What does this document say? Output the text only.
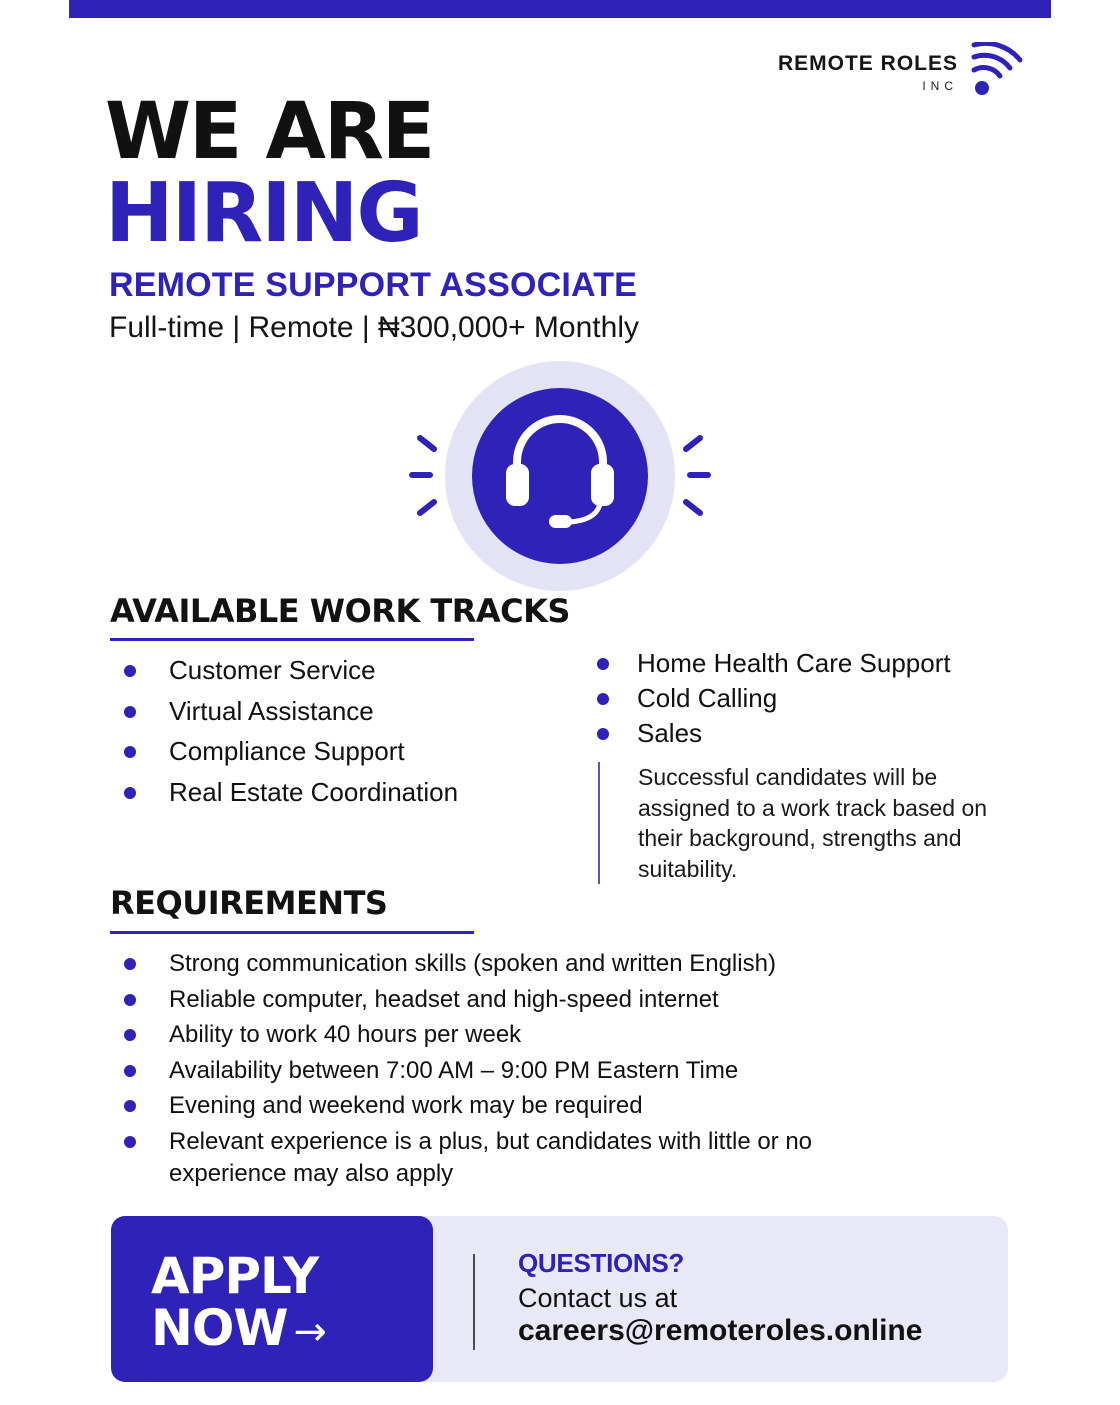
REMOTE ROLES
INC
WE ARE
HIRING
REMOTE SUPPORT ASSOCIATE
Full-time | Remote | ₦300,000+ Monthly
AVAILABLE WORK TRACKS
Customer Service
Virtual Assistance
Compliance Support
Real Estate Coordination
Home Health Care Support
Cold Calling
Sales
Successful candidates will be assigned to a work track based on their background, strengths and suitability.
REQUIREMENTS
Strong communication skills (spoken and written English)
Reliable computer, headset and high-speed internet
Ability to work 40 hours per week
Availability between 7:00 AM – 9:00 PM Eastern Time
Evening and weekend work may be required
Relevant experience is a plus, but candidates with little or no experience may also apply
APPLY
NOW →
QUESTIONS?
Contact us at
careers@remoteroles.online
